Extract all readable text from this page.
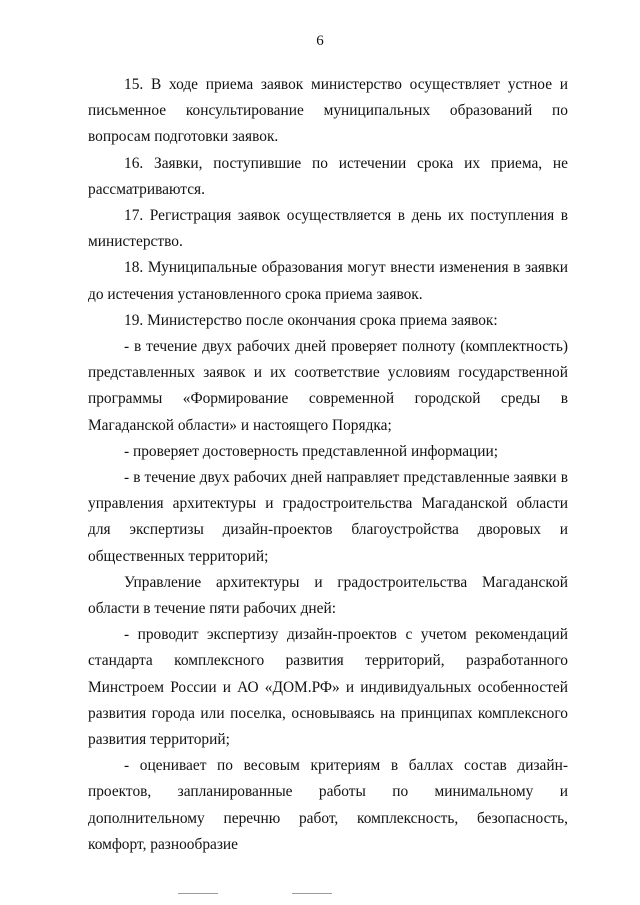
6

15. В ходе приема заявок министерство осуществляет устное и письменное консультирование муниципальных образований по вопросам подготовки заявок.

16. Заявки, поступившие по истечении срока их приема, не рассматриваются.

17. Регистрация заявок осуществляется в день их поступления в министерство.

18. Муниципальные образования могут внести изменения в заявки до истечения установленного срока приема заявок.

19. Министерство после окончания срока приема заявок:

- в течение двух рабочих дней проверяет полноту (комплектность) представленных заявок и их соответствие условиям государственной программы «Формирование современной городской среды в Магаданской области» и настоящего Порядка;

- проверяет достоверность представленной информации;

- в течение двух рабочих дней направляет представленные заявки в управления архитектуры и градостроительства Магаданской области для экспертизы дизайн-проектов благоустройства дворовых и общественных территорий;

Управление архитектуры и градостроительства Магаданской области в течение пяти рабочих дней:

- проводит экспертизу дизайн-проектов с учетом рекомендаций стандарта комплексного развития территорий, разработанного Минстроем России и АО «ДОМ.РФ» и индивидуальных особенностей развития города или поселка, основываясь на принципах комплексного развития территорий;

- оценивает по весовым критериям в баллах состав дизайн-проектов, запланированные работы по минимальному и дополнительному перечню работ, комплексность, безопасность, комфорт, разнообразие
